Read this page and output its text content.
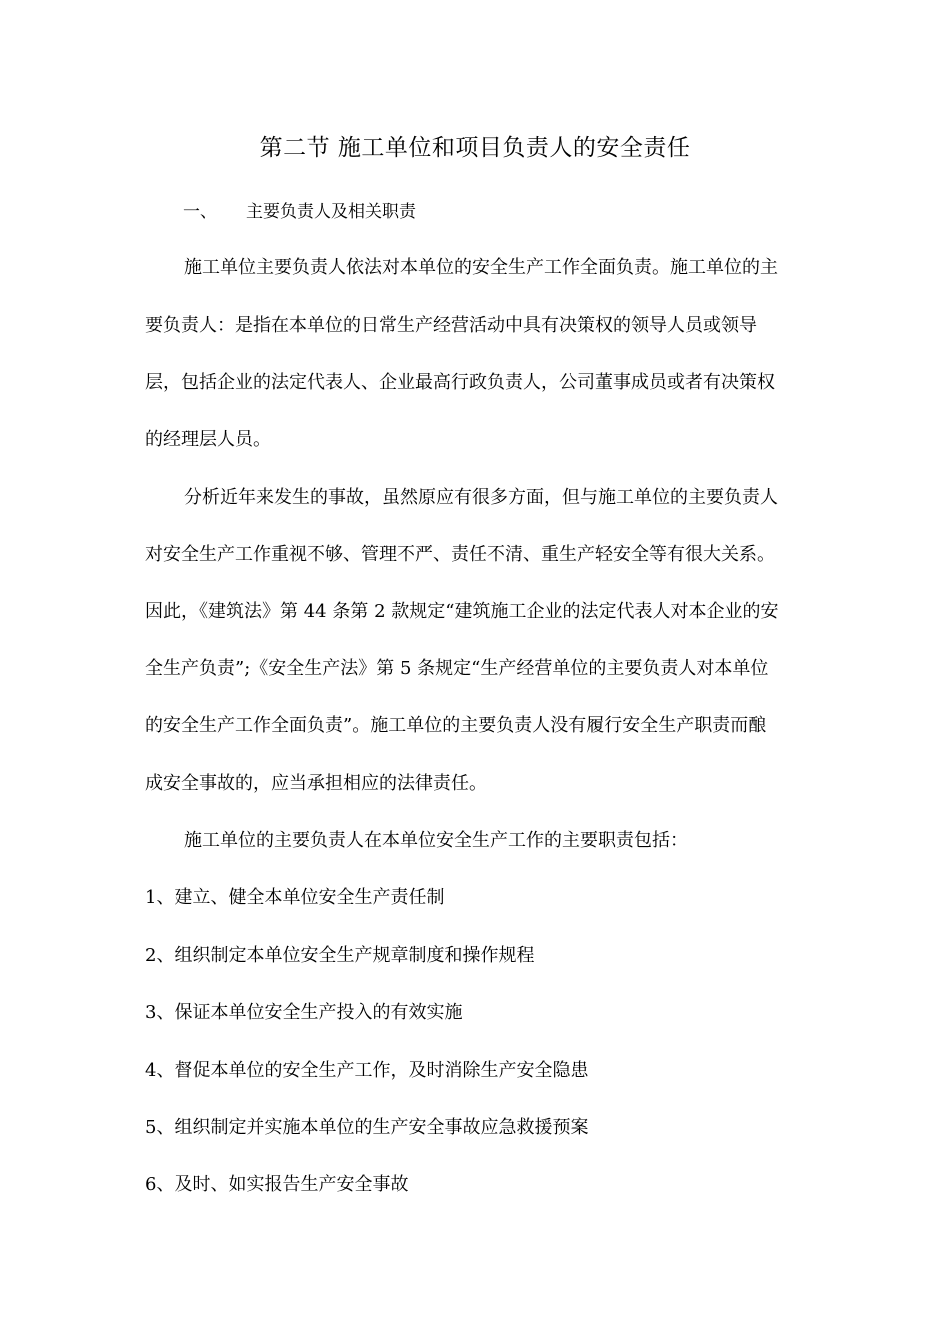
第二节 施工单位和项目负责人的安全责任
一、 主要负责人及相关职责
施工单位主要负责人依法对本单位的安全生产工作全面负责。施工单位的主
要负责人：是指在本单位的日常生产经营活动中具有决策权的领导人员或领导
层，包括企业的法定代表人、企业最高行政负责人，公司董事成员或者有决策权
的经理层人员。
分析近年来发生的事故，虽然原应有很多方面，但与施工单位的主要负责人
对安全生产工作重视不够、管理不严、责任不清、重生产轻安全等有很大关系。
因此，《建筑法》第 44 条第 2 款规定“建筑施工企业的法定代表人对本企业的安
全生产负责”;《安全生产法》第 5 条规定“生产经营单位的主要负责人对本单位
的安全生产工作全面负责”。施工单位的主要负责人没有履行安全生产职责而酿
成安全事故的，应当承担相应的法律责任。
施工单位的主要负责人在本单位安全生产工作的主要职责包括：
1、建立、健全本单位安全生产责任制
2、组织制定本单位安全生产规章制度和操作规程
3、保证本单位安全生产投入的有效实施
4、督促本单位的安全生产工作，及时消除生产安全隐患
5、组织制定并实施本单位的生产安全事故应急救援预案
6、及时、如实报告生产安全事故
